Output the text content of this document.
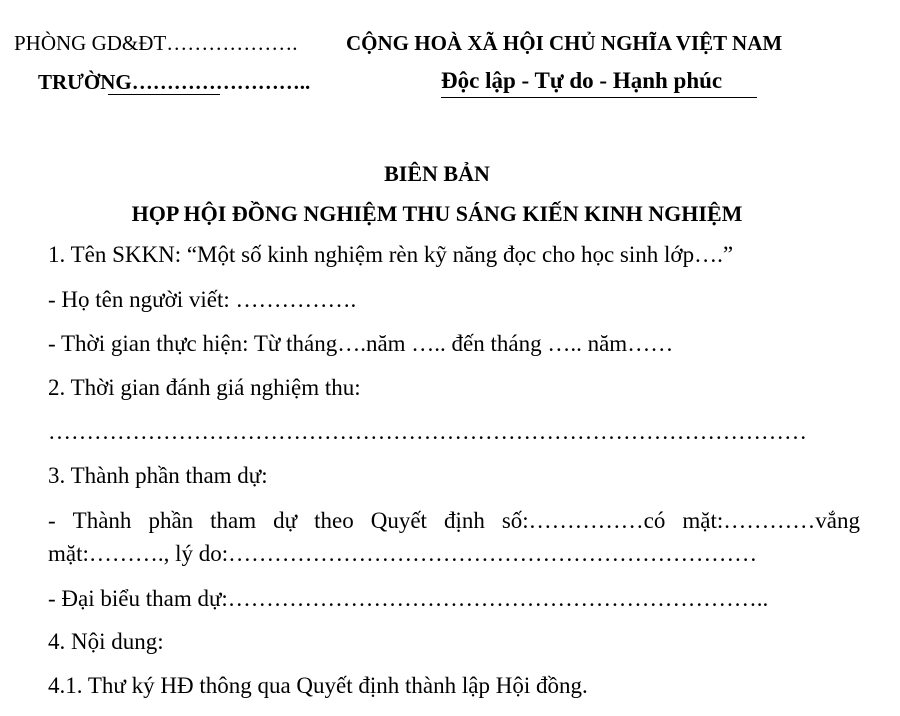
PHÒNG GD&ĐT……………….
TRƯỜNG……………………..
CỘNG HOÀ XÃ HỘI CHỦ NGHĨA VIỆT NAM
Độc lập - Tự do - Hạnh phúc
BIÊN BẢN
HỌP HỘI ĐỒNG NGHIỆM THU SÁNG KIẾN KINH NGHIỆM
1. Tên SKKN: “Một số kinh nghiệm rèn kỹ năng đọc cho học sinh lớp….”
- Họ tên người viết: …………….
- Thời gian thực hiện: Từ tháng….năm ….. đến tháng ….. năm……
2. Thời gian đánh giá nghiệm thu:
………………………………………………………………………………………
3. Thành phần tham dự:
- Thành phần tham dự theo Quyết định số:……………có mặt:…………vắng
mặt:………., lý do:……………………………………………………………
- Đại biểu tham dự:……………………………………………………………..
4. Nội dung:
4.1. Thư ký HĐ thông qua Quyết định thành lập Hội đồng.
